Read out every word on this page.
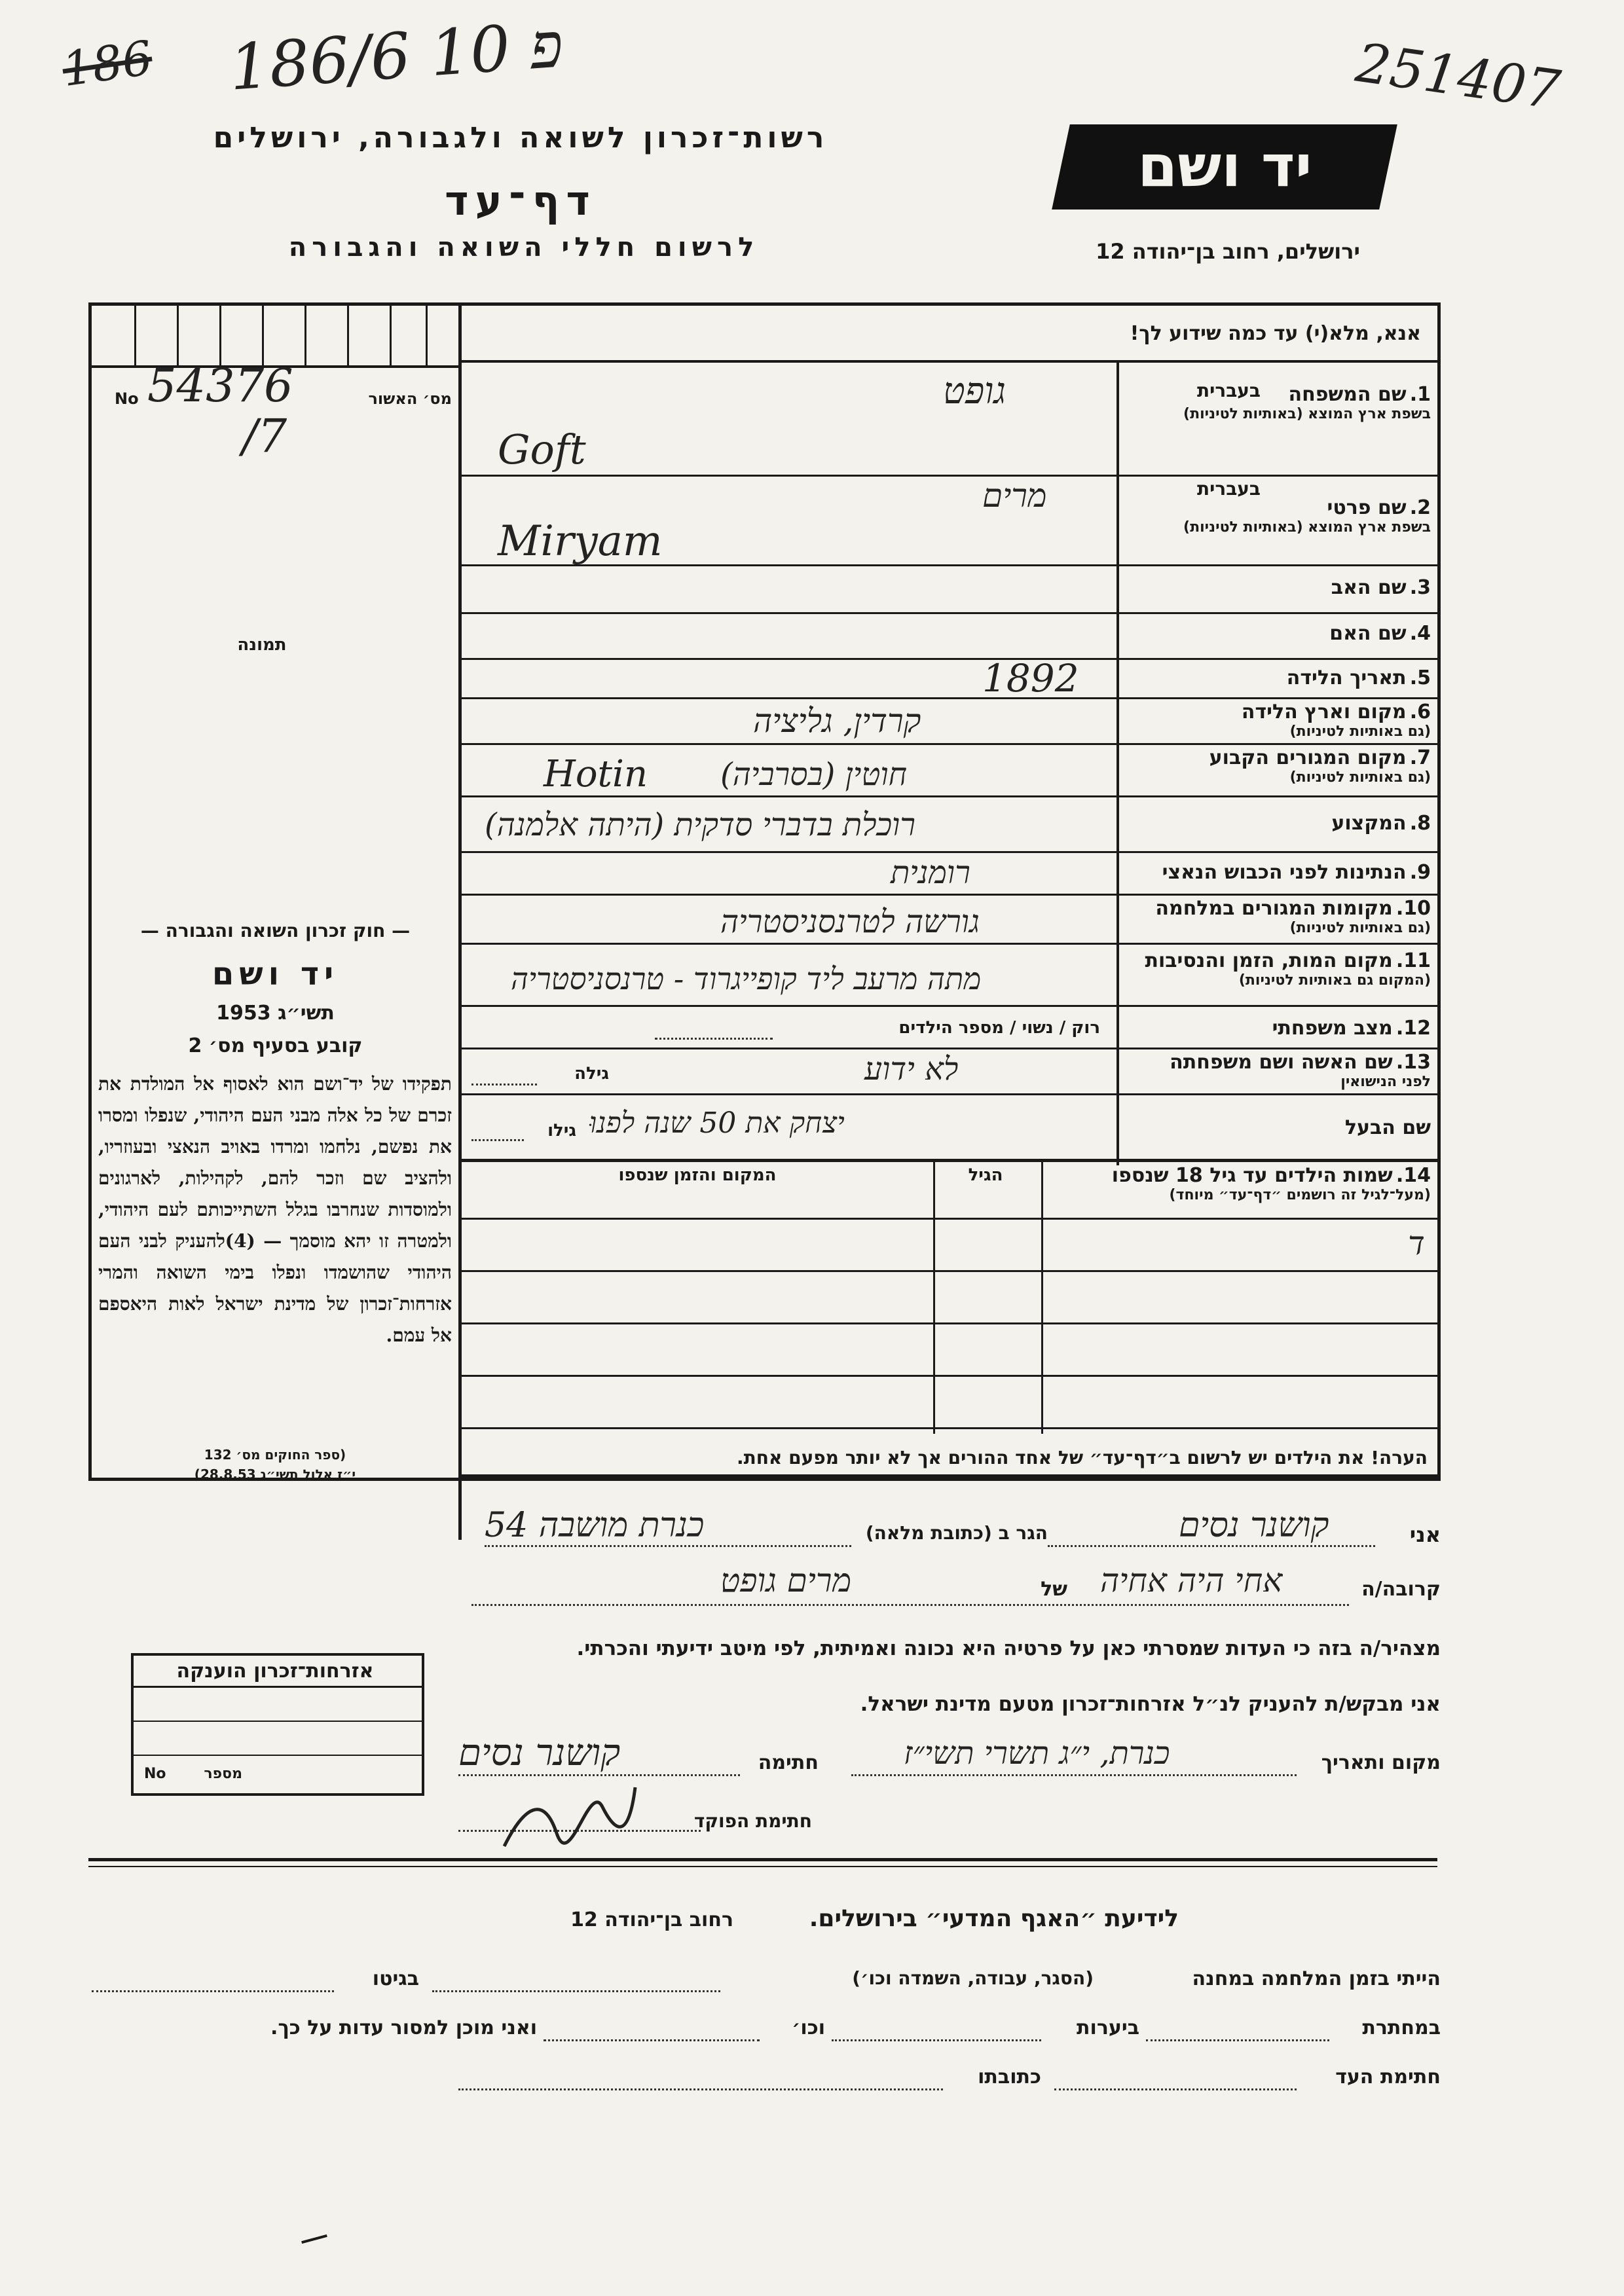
186 186/6 פ 10	251407
רשות־זכרון לשואה ולגבורה, ירושלים
דף־עד
לרשום חללי השואה והגבורה
יד ושם
ירושלים, רחוב בן־יהודה 12
אנא, מלא(י) עד כמה שידוע לך!
מס׳ האשור
No 54376
/7
תמונה
— חוק זכרון השואה והגבורה —
יד ושם
תשי״ג 1953
קובע בסעיף מס׳ 2
תפקידו של יד־ושם הוא לאסוף אל המולדת את זכרם של כל אלה מבני העם היהודי, שנפלו ומסרו את נפשם, נלחמו ומרדו באויב הנאצי ובעוזריו, ולהציב שם וזכר להם, לקהילות, לארגונים ולמוסדות שנחרבו בגלל השתייכותם לעם היהודי, ולמטרה זו יהא מוסמך — (4)להעניק לבני העם היהודי שהושמדו ונפלו בימי השואה והמרי אזרחות־זכרון של מדינת ישראל לאות היאספם אל עמם.
(ספר החוקים מס׳ 132
י״ז אלול תשי״ג 28.8.53)
1. שם המשפחה
בשפת ארץ המוצא (באותיות לטיניות)
בעברית
2. שם פרטי
בשפת ארץ המוצא (באותיות לטיניות)
בעברית
3. שם האב
4. שם האם
5. תאריך הלידה
6. מקום וארץ הלידה
(גם באותיות לטיניות)
7. מקום המגורים הקבוע
(גם באותיות לטיניות)
8. המקצוע
9. הנתינות לפני הכבוש הנאצי
10. מקומות המגורים במלחמה
(גם באותיות לטיניות)
11. מקום המות, הזמן והנסיבות
(המקום גם באותיות לטיניות)
12. מצב משפחתי
13. שם האשה ושם משפחתה
לפני הנישואין
שם הבעל
גופט
Goft
מרים
Miryam
1892
קרדין, גליציה
חוטין (בסרביה)
Hotin
רוכלת בדברי סדקית (היתה אלמנה)
רומנית
גורשה לטרנסניסטריה
מתה מרעב ליד קופייגרוד - טרנסניסטריה
רוק / נשוי / מספר הילדים
לא ידוע
גילה
יצחק את 50 שנה לפנוּ
גילו
14. שמות הילדים עד גיל 18 שנספו
(מעל־לגיל זה רושמים ״דף־עד״ מיוחד)
הגיל
המקום והזמן שנספו
ד
הערה! את הילדים יש לרשום ב״דף־עד״ של אחד ההורים אך לא יותר מפעם אחת.
אני
קושנר נסים
הגר ב (כתובת מלאה)
כנרת מושבה 54
קרובה/ה
אחי היה אחיה
של
מרים גופט
מצהיר/ה בזה כי העדות שמסרתי כאן על פרטיה היא נכונה ואמיתית, לפי מיטב ידיעתי והכרתי.
אני מבקש/ת להעניק לנ״ל אזרחות־זכרון מטעם מדינת ישראל.
מקום ותאריך
כנרת, י״ג תשרי תשי״ז
חתימה
קושנר נסים
חתימת הפוקד
אזרחות־זכרון הוענקה
מספר
No
לידיעת ״האגף המדעי״ בירושלים.
רחוב בן־יהודה 12
הייתי בזמן המלחמה במחנה
(הסגר, עבודה, השמדה וכו׳)
בגיטו
במחתרת
ביערות
וכו׳
ואני מוכן למסור עדות על כך.
חתימת העד
כתובתו
